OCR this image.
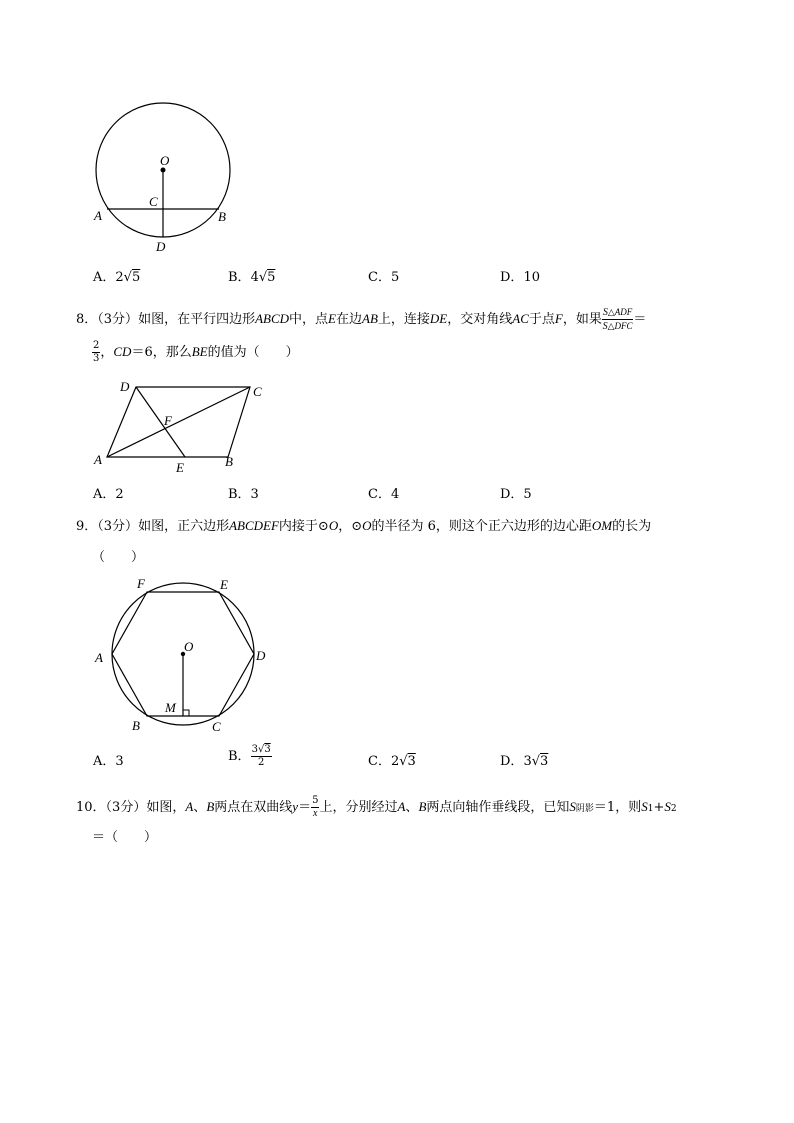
O
C
A	B
D
A．2√5	B．4√5	C．5	D．10
8．（3分）如图，在平行四边形ABCD中，点E在边AB上，连接DE，交对角线AC于点F，如果 $\frac{\text{S△ADF}}{\text{S△DFC}}$ ＝
$\frac{2}{3}$ ，CD＝6，那么BE的值为（　　）
D	C
F
A
E	B
A．2	B．3	C．4	D．5
9．（3分）如图，正六边形ABCDEF内接于⊙O，⊙O的半径为 6，则这个正六边形的边心距OM的长为
（　　）
F	E
A
O
D
M
B	C
A．3	B． $\frac{3√3}{2}$	C．2√3	D．3√3
10．（3分）如图，A、B两点在双曲线$y= \frac{5}{x}$ 上，分别经过A、B两点向轴作垂线段，已知S阴影＝1，则S1+S2
＝（　　）
